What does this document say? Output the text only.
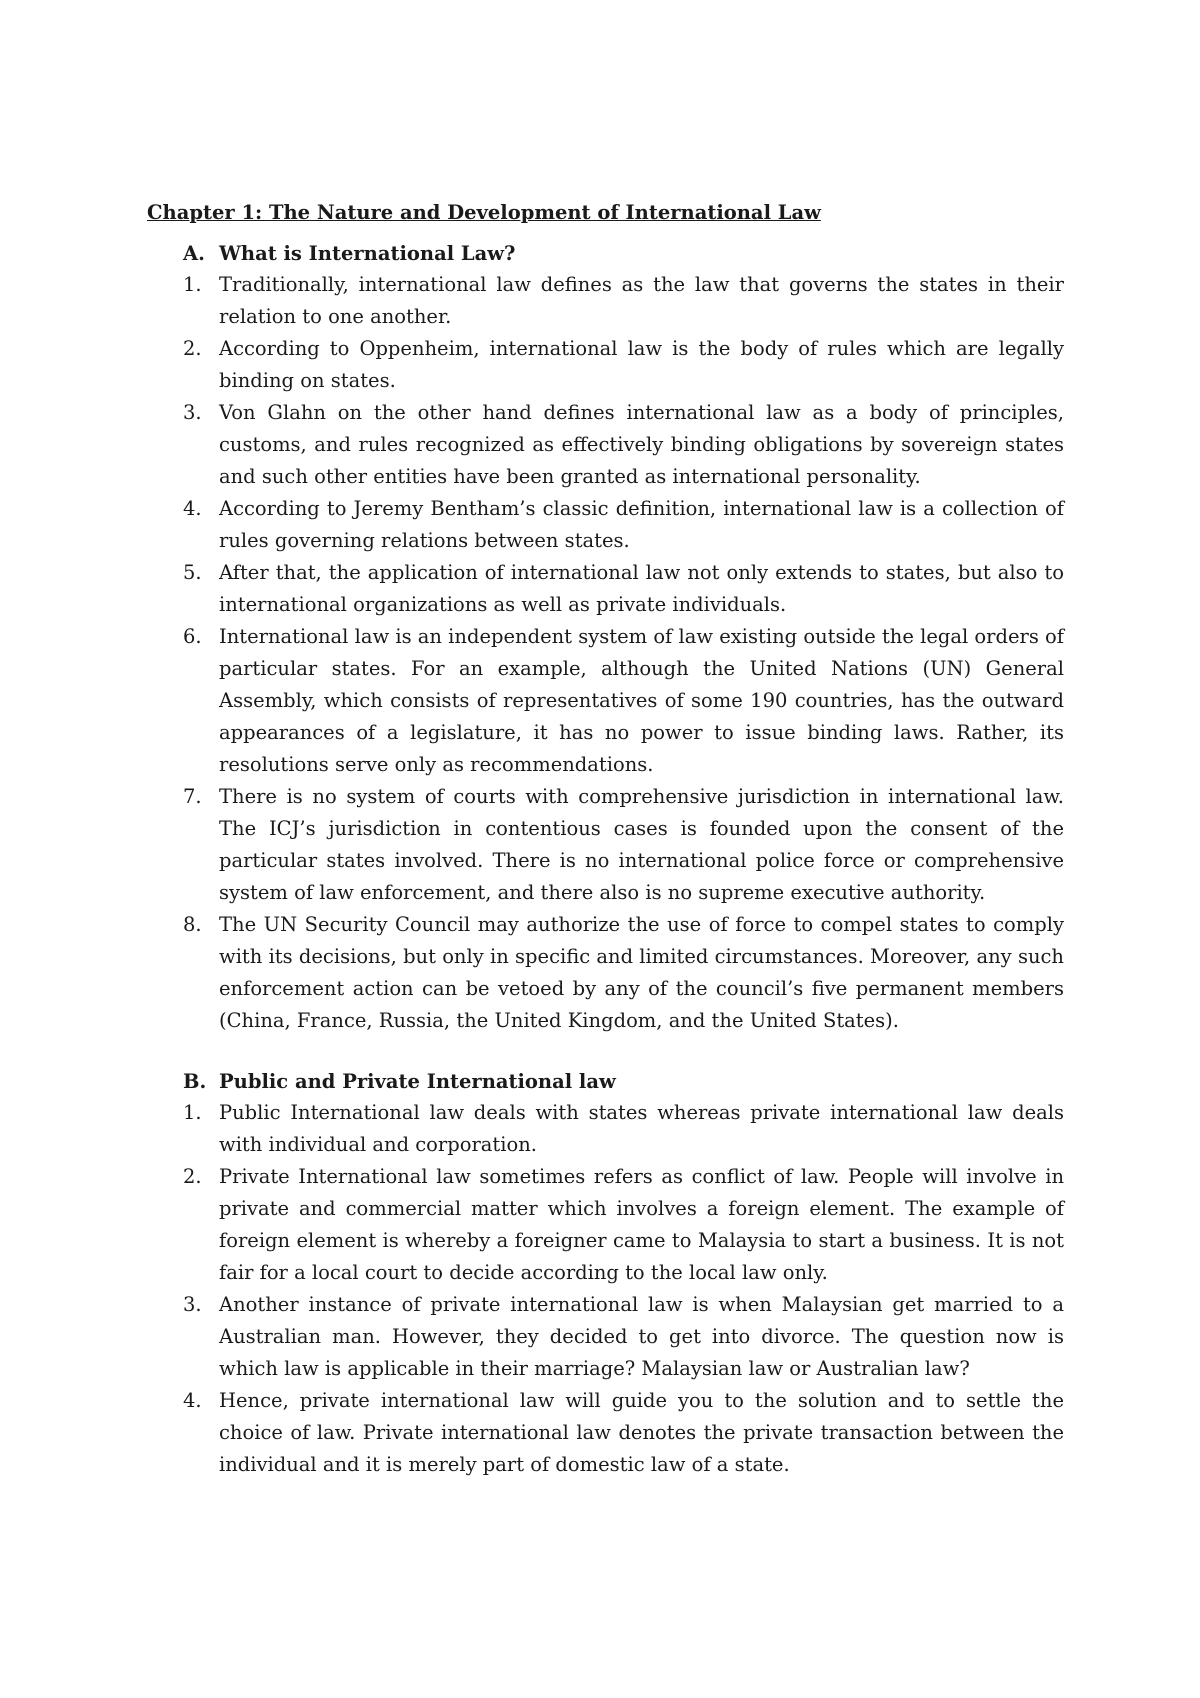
Chapter 1: The Nature and Development of International Law
A. What is International Law?
1. Traditionally, international law defines as the law that governs the states in their relation to one another.
2. According to Oppenheim, international law is the body of rules which are legally binding on states.
3. Von Glahn on the other hand defines international law as a body of principles, customs, and rules recognized as effectively binding obligations by sovereign states and such other entities have been granted as international personality.
4. According to Jeremy Bentham’s classic definition, international law is a collection of rules governing relations between states.
5. After that, the application of international law not only extends to states, but also to international organizations as well as private individuals.
6. International law is an independent system of law existing outside the legal orders of particular states. For an example, although the United Nations (UN) General Assembly, which consists of representatives of some 190 countries, has the outward appearances of a legislature, it has no power to issue binding laws. Rather, its resolutions serve only as recommendations.
7. There is no system of courts with comprehensive jurisdiction in international law. The ICJ’s jurisdiction in contentious cases is founded upon the consent of the particular states involved. There is no international police force or comprehensive system of law enforcement, and there also is no supreme executive authority.
8. The UN Security Council may authorize the use of force to compel states to comply with its decisions, but only in specific and limited circumstances. Moreover, any such enforcement action can be vetoed by any of the council’s five permanent members (China, France, Russia, the United Kingdom, and the United States).
B. Public and Private International law
1. Public International law deals with states whereas private international law deals with individual and corporation.
2. Private International law sometimes refers as conflict of law. People will involve in private and commercial matter which involves a foreign element. The example of foreign element is whereby a foreigner came to Malaysia to start a business. It is not fair for a local court to decide according to the local law only.
3. Another instance of private international law is when Malaysian get married to a Australian man. However, they decided to get into divorce. The question now is which law is applicable in their marriage? Malaysian law or Australian law?
4. Hence, private international law will guide you to the solution and to settle the choice of law. Private international law denotes the private transaction between the individual and it is merely part of domestic law of a state.
